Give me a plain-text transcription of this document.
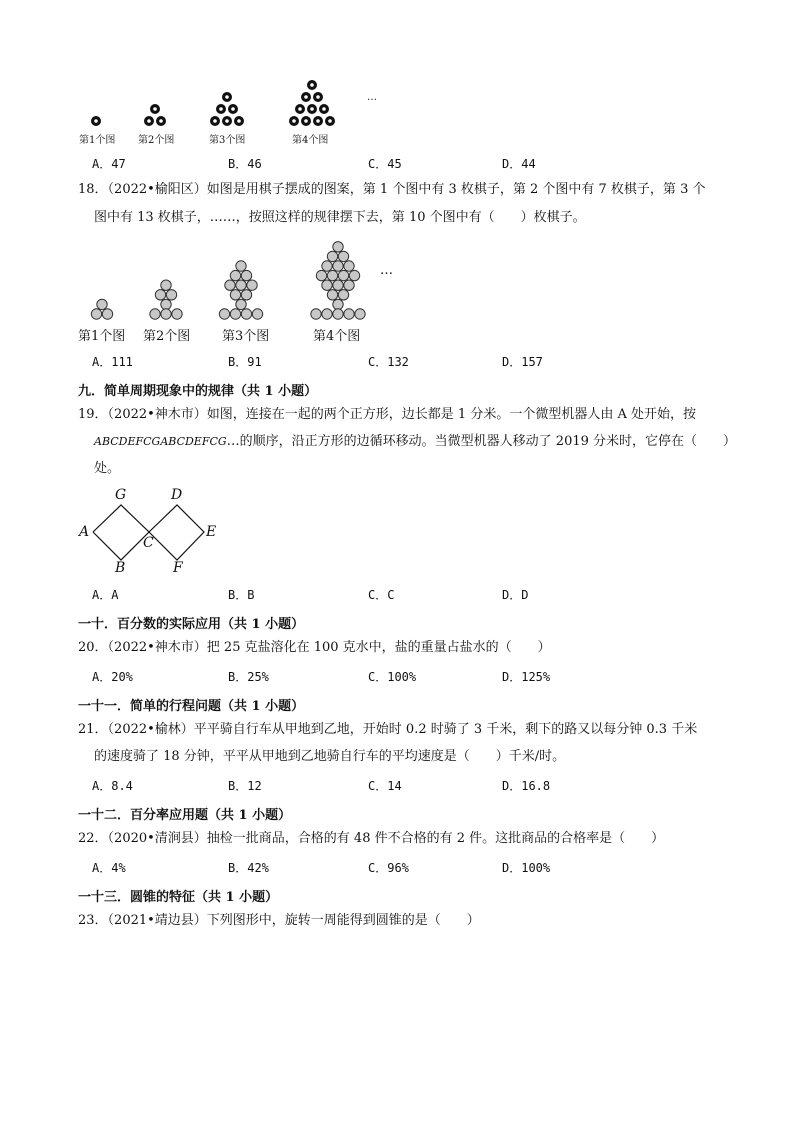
第1个图 第2个图	第3个图	第4个图
…
A．47	B．46	C．45	D．44
18．（2022•榆阳区）如图是用棋子摆成的图案，第 1 个图中有 3 枚棋子，第 2 个图中有 7 枚棋子，第 3 个
图中有 13 枚棋子，……，按照这样的规律摆下去，第 10 个图中有（　　）枚棋子。
第1个图 第2个图 第3个图	第4个图
…
A．111	B．91	C．132	D．157
九．简单周期现象中的规律（共 1 小题）
19．（2022•神木市）如图，连接在一起的两个正方形，边长都是 1 分米。一个微型机器人由 A 处开始，按
ABCDEFCGABCDEFCG…的顺序，沿正方形的边循环移动。当微型机器人移动了 2019 分米时，它停在（　　）
处。
A
G	D
E
C
B	F
A．A	B．B	C．C	D．D
一十．百分数的实际应用（共 1 小题）
20．（2022•神木市）把 25 克盐溶化在 100 克水中，盐的重量占盐水的（　　）
A．20%	B．25%	C．100%	D．125%
一十一．简单的行程问题（共 1 小题）
21．（2022•榆林）平平骑自行车从甲地到乙地，开始时 0.2 时骑了 3 千米，剩下的路又以每分钟 0.3 千米
的速度骑了 18 分钟，平平从甲地到乙地骑自行车的平均速度是（　　）千米/时。
A．8.4	B．12	C．14	D．16.8
一十二．百分率应用题（共 1 小题）
22．（2020•清涧县）抽检一批商品，合格的有 48 件不合格的有 2 件。这批商品的合格率是（　　）
A．4%	B．42%	C．96%	D．100%
一十三．圆锥的特征（共 1 小题）
23．（2021•靖边县）下列图形中，旋转一周能得到圆锥的是（　　）
